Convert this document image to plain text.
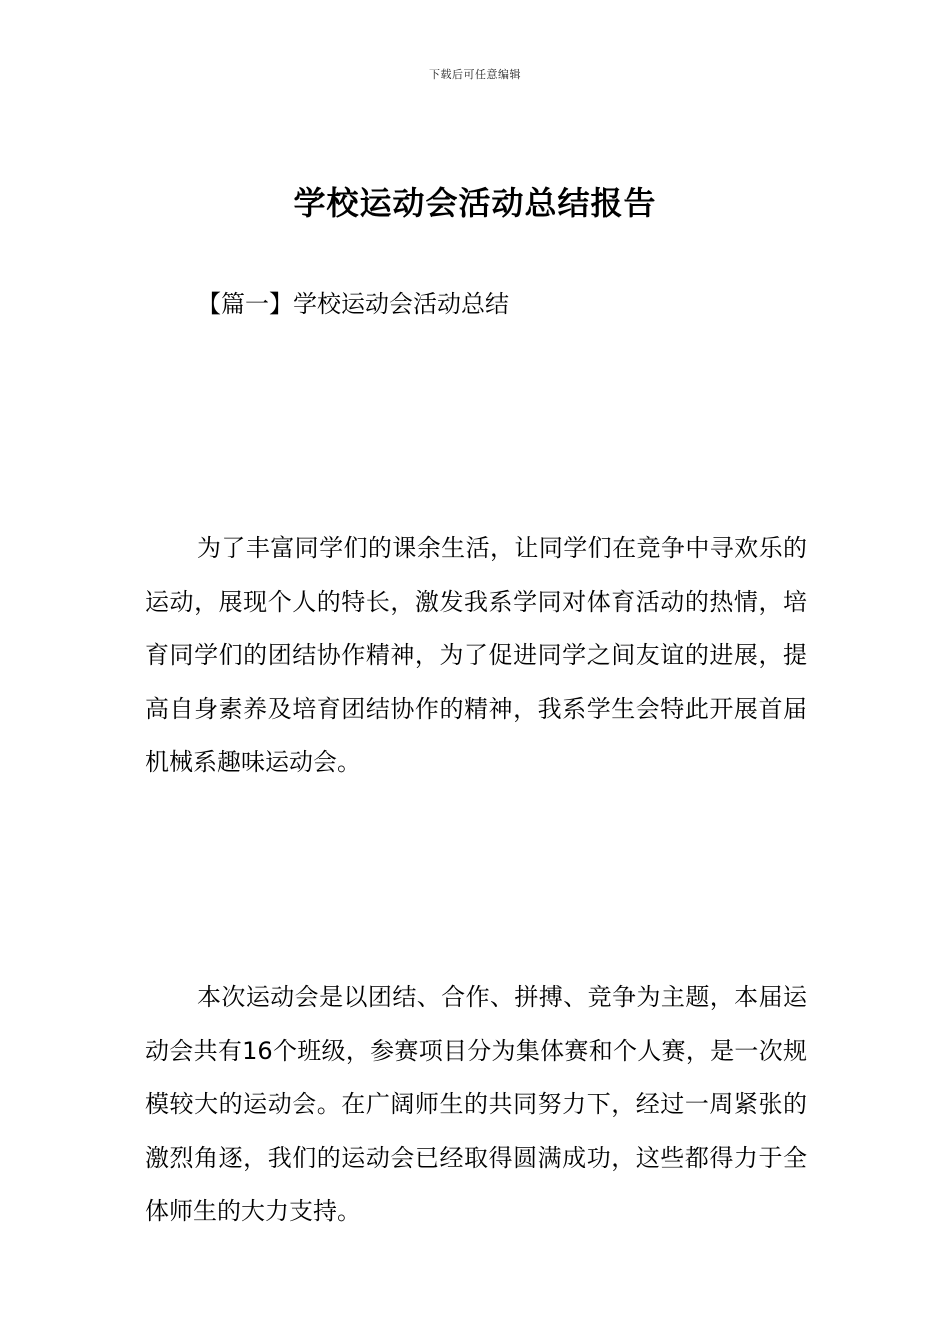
下载后可任意编辑
学校运动会活动总结报告
【篇一】学校运动会活动总结

为了丰富同学们的课余生活，让同学们在竞争中寻欢乐的运动，展现个人的特长，激发我系学同对体育活动的热情，培育同学们的团结协作精神，为了促进同学之间友谊的进展，提高自身素养及培育团结协作的精神，我系学生会特此开展首届机械系趣味运动会。

本次运动会是以团结、合作、拼搏、竞争为主题，本届运动会共有16个班级，参赛项目分为集体赛和个人赛，是一次规模较大的运动会。在广阔师生的共同努力下，经过一周紧张的激烈角逐，我们的运动会已经取得圆满成功，这些都得力于全体师生的大力支持。
